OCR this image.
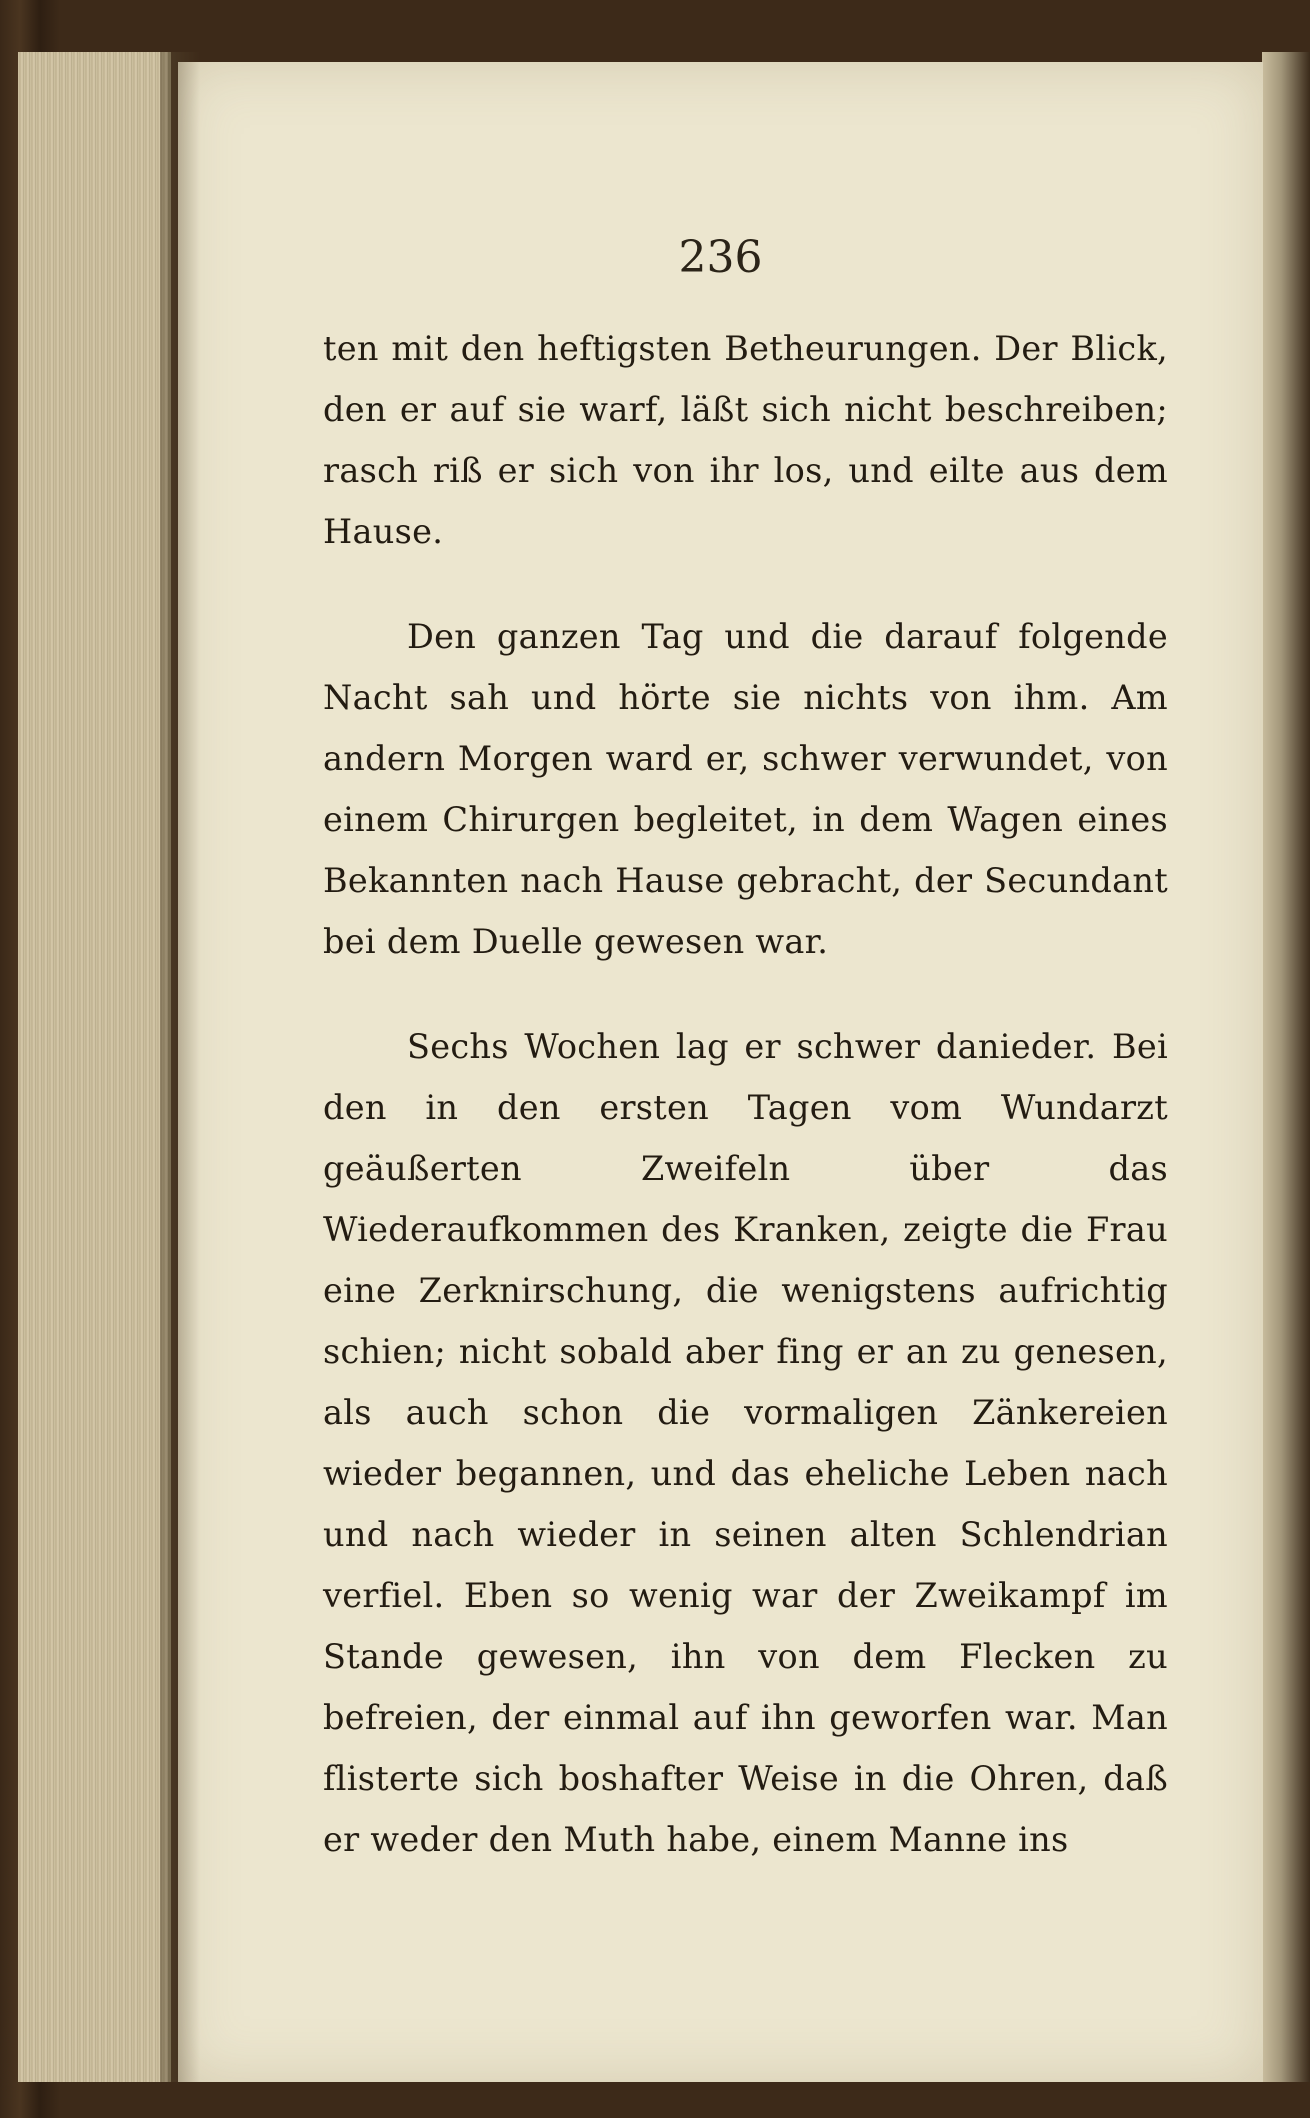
236

ten mit den heftigsten Betheurungen. Der Blick, den er auf sie warf, läßt sich nicht beschreiben; rasch riß er sich von ihr los, und eilte aus dem Hause.

Den ganzen Tag und die darauf folgende Nacht sah und hörte sie nichts von ihm. Am andern Morgen ward er, schwer verwundet, von einem Chirurgen begleitet, in dem Wagen eines Bekannten nach Hause gebracht, der Secundant bei dem Duelle gewesen war.

Sechs Wochen lag er schwer danieder. Bei den in den ersten Tagen vom Wundarzt geäußerten Zweifeln über das Wiederaufkommen des Kranken, zeigte die Frau eine Zerknirschung, die wenigstens aufrichtig schien; nicht sobald aber fing er an zu genesen, als auch schon die vormaligen Zänkereien wieder begannen, und das eheliche Leben nach und nach wieder in seinen alten Schlendrian verfiel. Eben so wenig war der Zweikampf im Stande gewesen, ihn von dem Flecken zu befreien, der einmal auf ihn geworfen war. Man flisterte sich boshafter Weise in die Ohren, daß er weder den Muth habe, einem Manne ins
